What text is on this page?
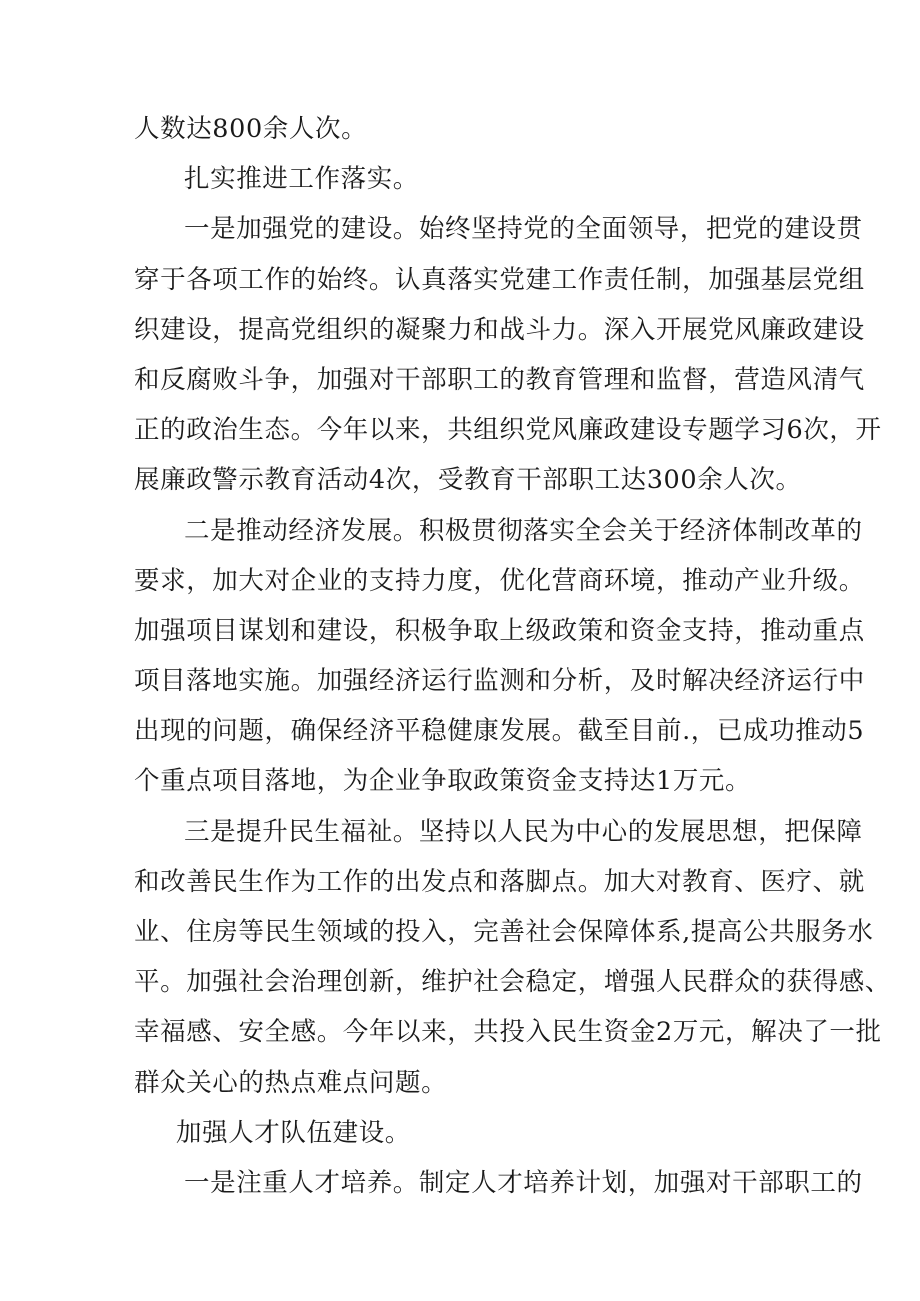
人数达800余人次。
扎实推进工作落实。
一是加强党的建设。始终坚持党的全面领导，把党的建设贯
穿于各项工作的始终。认真落实党建工作责任制，加强基层党组
织建设，提高党组织的凝聚力和战斗力。深入开展党风廉政建设
和反腐败斗争，加强对干部职工的教育管理和监督，营造风清气
正的政治生态。今年以来，共组织党风廉政建设专题学习6次，开
展廉政警示教育活动4次，受教育干部职工达300余人次。
二是推动经济发展。积极贯彻落实全会关于经济体制改革的
要求，加大对企业的支持力度，优化营商环境，推动产业升级。
加强项目谋划和建设，积极争取上级政策和资金支持，推动重点
项目落地实施。加强经济运行监测和分析，及时解决经济运行中
出现的问题，确保经济平稳健康发展。截至目前.，已成功推动5
个重点项目落地，为企业争取政策资金支持达1万元。
三是提升民生福祉。坚持以人民为中心的发展思想，把保障
和改善民生作为工作的出发点和落脚点。加大对教育、医疗、就
业、住房等民生领域的投入，完善社会保障体系,提高公共服务水
平。加强社会治理创新，维护社会稳定，增强人民群众的获得感、
幸福感、安全感。今年以来，共投入民生资金2万元，解决了一批
群众关心的热点难点问题。
加强人才队伍建设。
一是注重人才培养。制定人才培养计划，加强对干部职工的
